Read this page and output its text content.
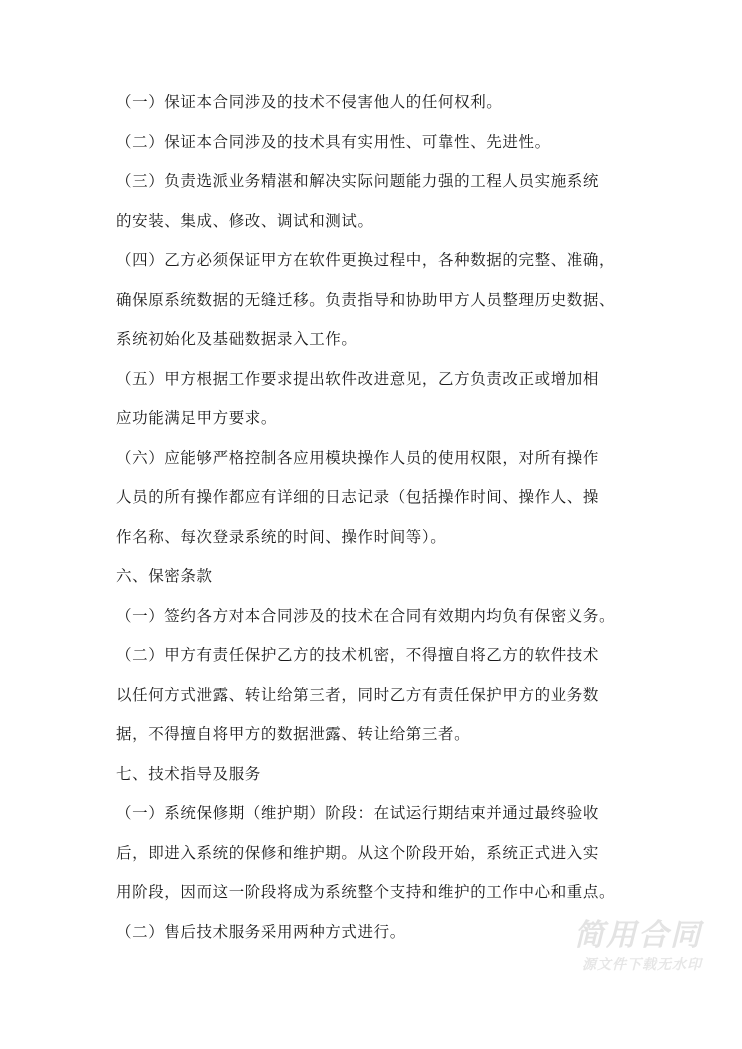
（一）保证本合同涉及的技术不侵害他人的任何权利。
（二）保证本合同涉及的技术具有实用性、可靠性、先进性。
（三）负责选派业务精湛和解决实际问题能力强的工程人员实施系统
的安装、集成、修改、调试和测试。
（四）乙方必须保证甲方在软件更换过程中，各种数据的完整、准确，
确保原系统数据的无缝迁移。负责指导和协助甲方人员整理历史数据、
系统初始化及基础数据录入工作。
（五）甲方根据工作要求提出软件改进意见，乙方负责改正或增加相
应功能满足甲方要求。
（六）应能够严格控制各应用模块操作人员的使用权限，对所有操作
人员的所有操作都应有详细的日志记录（包括操作时间、操作人、操
作名称、每次登录系统的时间、操作时间等）。
六、保密条款
（一）签约各方对本合同涉及的技术在合同有效期内均负有保密义务。
（二）甲方有责任保护乙方的技术机密，不得擅自将乙方的软件技术
以任何方式泄露、转让给第三者，同时乙方有责任保护甲方的业务数
据，不得擅自将甲方的数据泄露、转让给第三者。
七、技术指导及服务
（一）系统保修期（维护期）阶段：在试运行期结束并通过最终验收
后，即进入系统的保修和维护期。从这个阶段开始，系统正式进入实
用阶段，因而这一阶段将成为系统整个支持和维护的工作中心和重点。
（二）售后技术服务采用两种方式进行。	简用合同
源文件下载无水印
